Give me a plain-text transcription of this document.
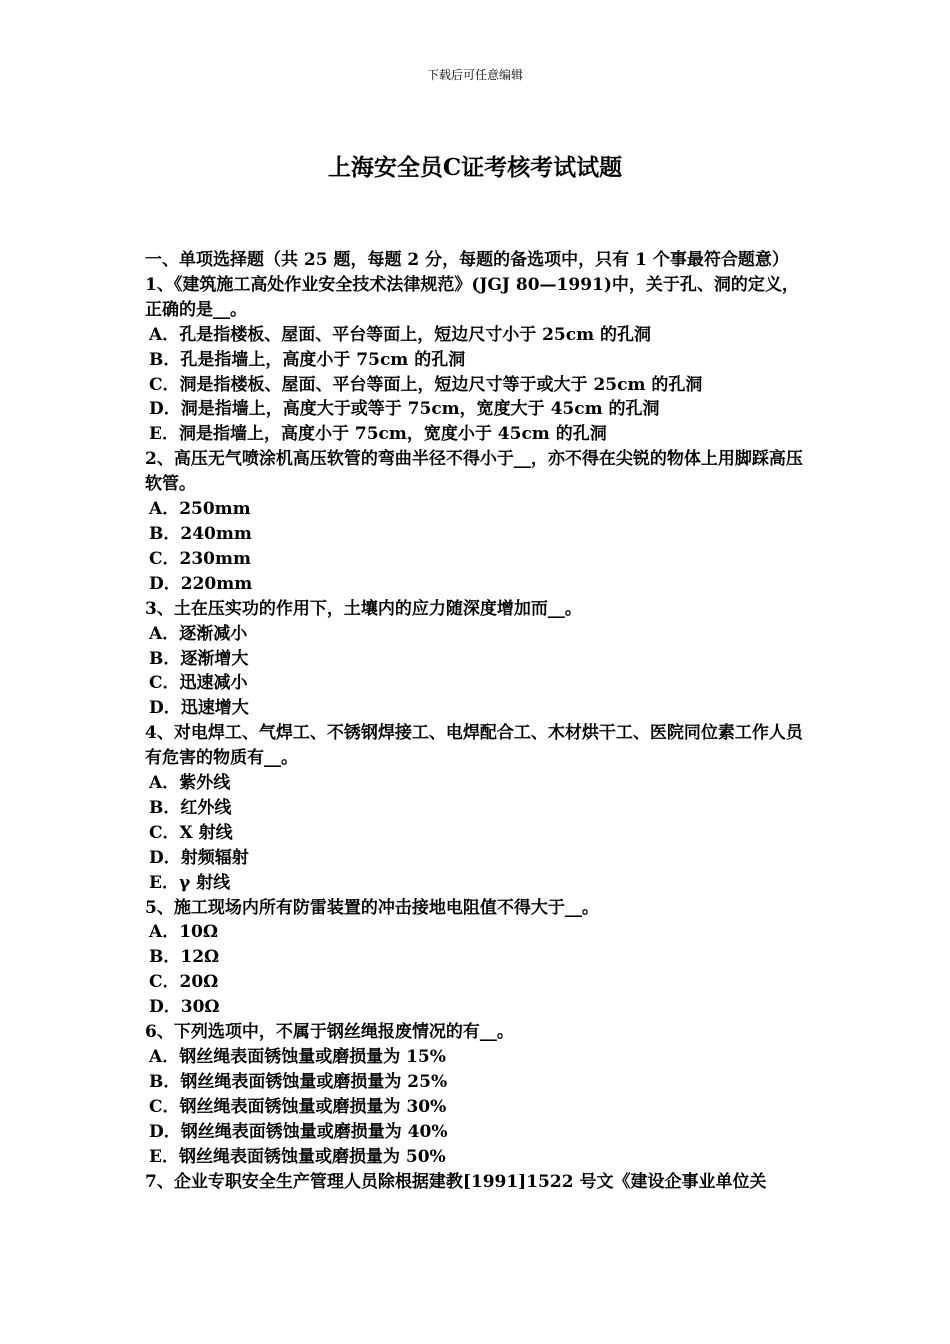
下载后可任意编辑
上海安全员C证考核考试试题

一、单项选择题（共 25 题，每题 2 分，每题的备选项中，只有 1 个事最符合题意）

1、《建筑施工高处作业安全技术法律规范》(JGJ 80—1991)中，关于孔、洞的定义，正确的是__。

A．孔是指楼板、屋面、平台等面上，短边尺寸小于 25cm 的孔洞

B．孔是指墙上，高度小于 75cm 的孔洞

C．洞是指楼板、屋面、平台等面上，短边尺寸等于或大于 25cm 的孔洞

D．洞是指墙上，高度大于或等于 75cm，宽度大于 45cm 的孔洞

E．洞是指墙上，高度小于 75cm，宽度小于 45cm 的孔洞

2、高压无气喷涂机高压软管的弯曲半径不得小于__，亦不得在尖锐的物体上用脚踩高压软管。

A．250mm

B．240mm

C．230mm

D．220mm

3、土在压实功的作用下，土壤内的应力随深度增加而__。

A．逐渐减小

B．逐渐增大

C．迅速减小

D．迅速增大

4、对电焊工、气焊工、不锈钢焊接工、电焊配合工、木材烘干工、医院同位素工作人员有危害的物质有__。

A．紫外线

B．红外线

C．X 射线

D．射频辐射

E．γ 射线

5、施工现场内所有防雷装置的冲击接地电阻值不得大于__。

A．10Ω

B．12Ω

C．20Ω

D．30Ω

6、下列选项中，不属于钢丝绳报废情况的有__。

A．钢丝绳表面锈蚀量或磨损量为 15%

B．钢丝绳表面锈蚀量或磨损量为 25%

C．钢丝绳表面锈蚀量或磨损量为 30%

D．钢丝绳表面锈蚀量或磨损量为 40%

E．钢丝绳表面锈蚀量或磨损量为 50%

7、企业专职安全生产管理人员除根据建教[1991]1522 号文《建设企事业单位关
